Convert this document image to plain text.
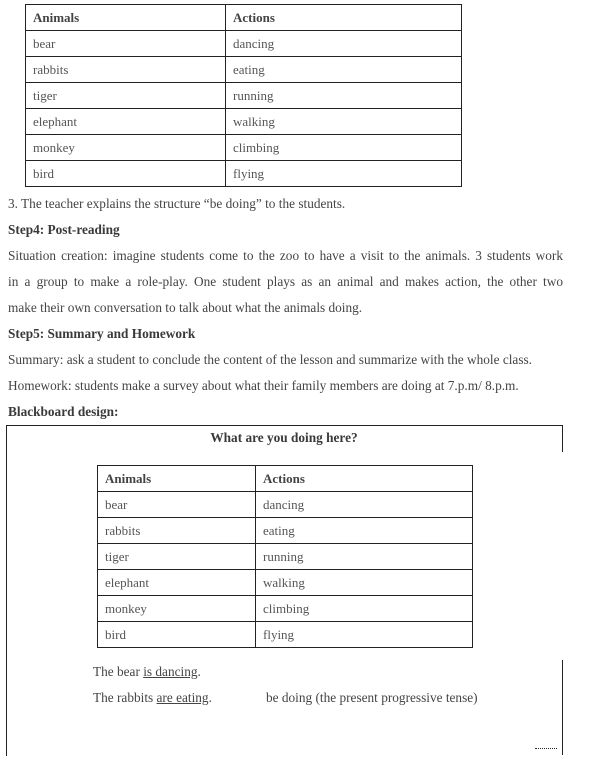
Animals	Actions
bear	dancing
rabbits	eating
tiger	running
elephant	walking
monkey	climbing
bird	flying
3. The teacher explains the structure “be doing” to the students.
Step4: Post-reading
Situation creation: imagine students come to the zoo to have a visit to the animals. 3 students work
in a group to make a role-play. One student plays as an animal and makes action, the other two
make their own conversation to talk about what the animals doing.
Step5: Summary and Homework
Summary: ask a student to conclude the content of the lesson and summarize with the whole class.
Homework: students make a survey about what their family members are doing at 7.p.m/ 8.p.m.
Blackboard design:
What are you doing here?
Animals	Actions
bear	dancing
rabbits	eating
tiger	running
elephant	walking
monkey	climbing
bird	flying
The bear is dancing.
The rabbits are eating.	be doing (the present progressive tense)
